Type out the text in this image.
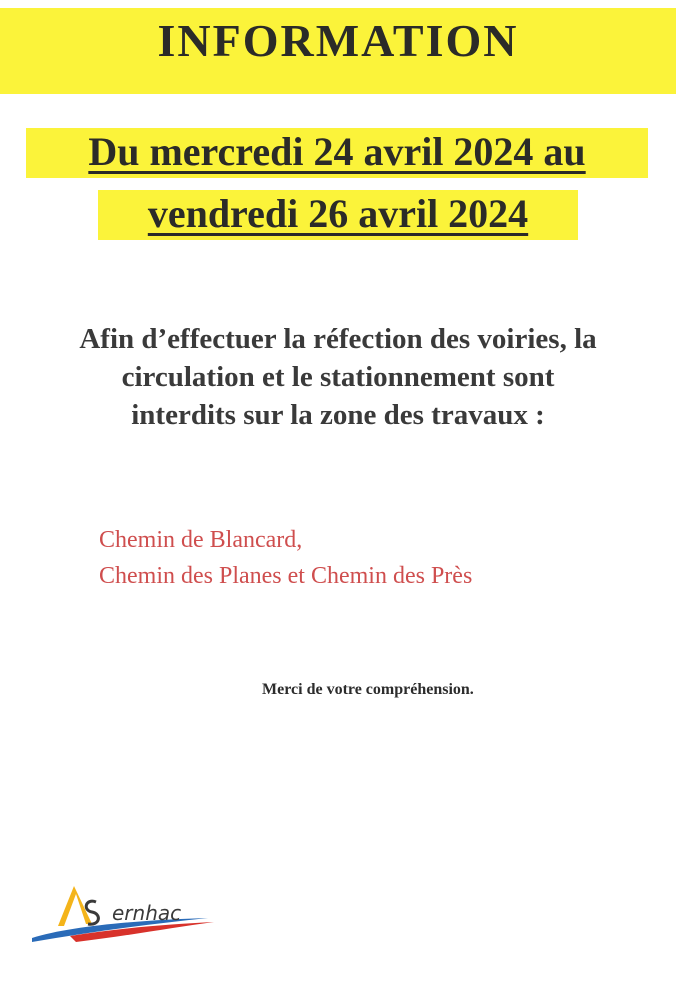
INFORMATION
Du mercredi 24 avril 2024 au
vendredi 26 avril 2024
Afin d’effectuer la réfection des voiries, la
circulation et le stationnement sont
interdits sur la zone des travaux :
Chemin de Blancard,
Chemin des Planes et Chemin des Près
Merci de votre compréhension.
ernhac
